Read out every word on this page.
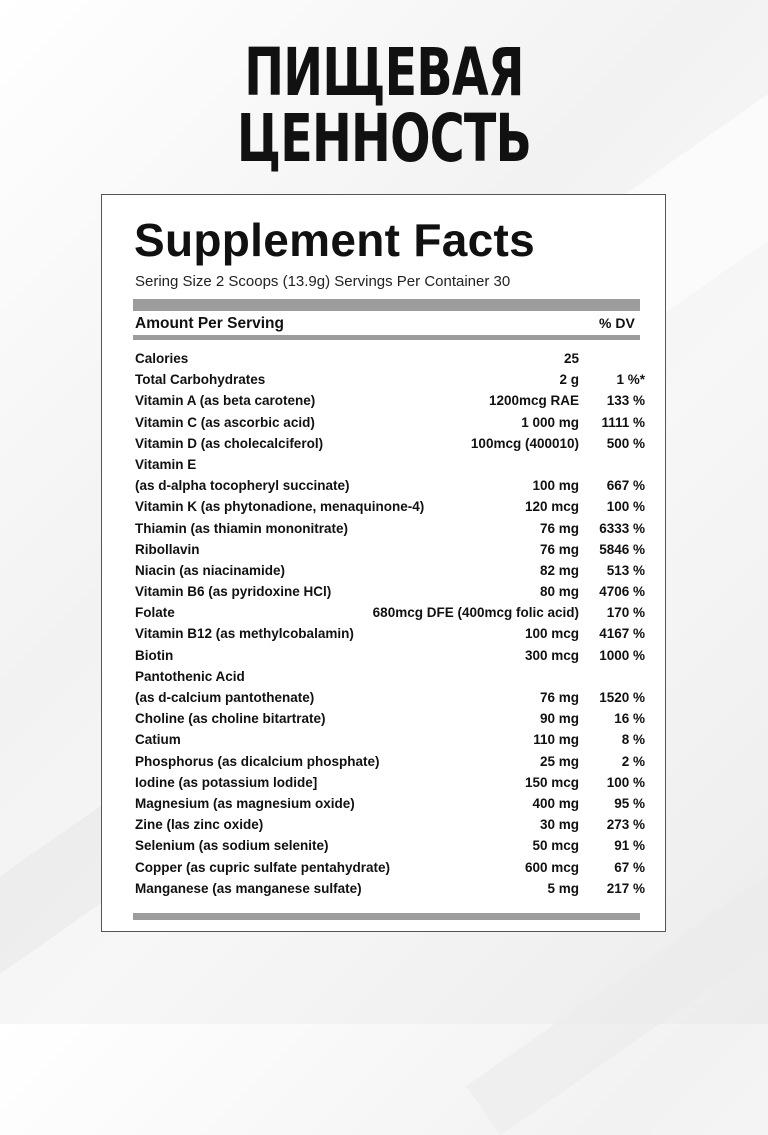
ПИЩЕВАЯ ЦЕННОСТЬ
Supplement Facts
Sering Size 2 Scoops (13.9g) Servings Per Container 30
Amount Per Serving	% DV
Calories	25
Total Carbohydrates	2 g	1 %*
Vitamin A (as beta carotene)	1200mcg RAE 133 %
Vitamin C (as ascorbic acid)	1 000 mg 1111 %
Vitamin D (as cholecalciferol)	100mcg (400010) 500 %
Vitamin E
(as d-alpha tocopheryl succinate)	100 mg 667 %
Vitamin K (as phytonadione, menaquinone-4)	120 mcg 100 %
Thiamin (as thiamin mononitrate)	76 mg 6333 %
Ribollavin	76 mg 5846 %
Niacin (as niacinamide)	82 mg 513 %
Vitamin B6 (as pyridoxine HCl)	80 mg 4706 %
Folate	680mcg DFE (400mcg folic acid) 170 %
Vitamin B12 (as methylcobalamin)	100 mcg 4167 %
Biotin	300 mcg 1000 %
Pantothenic Acid
(as d-calcium pantothenate)	76 mg 1520 %
Choline (as choline bitartrate)	90 mg	16 %
Catium	110 mg	8 %
Phosphorus (as dicalcium phosphate)	25 mg	2 %
Iodine (as potassium lodide]	150 mcg 100 %
Magnesium (as magnesium oxide)	400 mg	95 %
Zine (las zinc oxide)	30 mg 273 %
Selenium (as sodium selenite)	50 mcg	91 %
Copper (as cupric sulfate pentahydrate)	600 mcg	67 %
Manganese (as manganese sulfate)	5 mg 217 %
